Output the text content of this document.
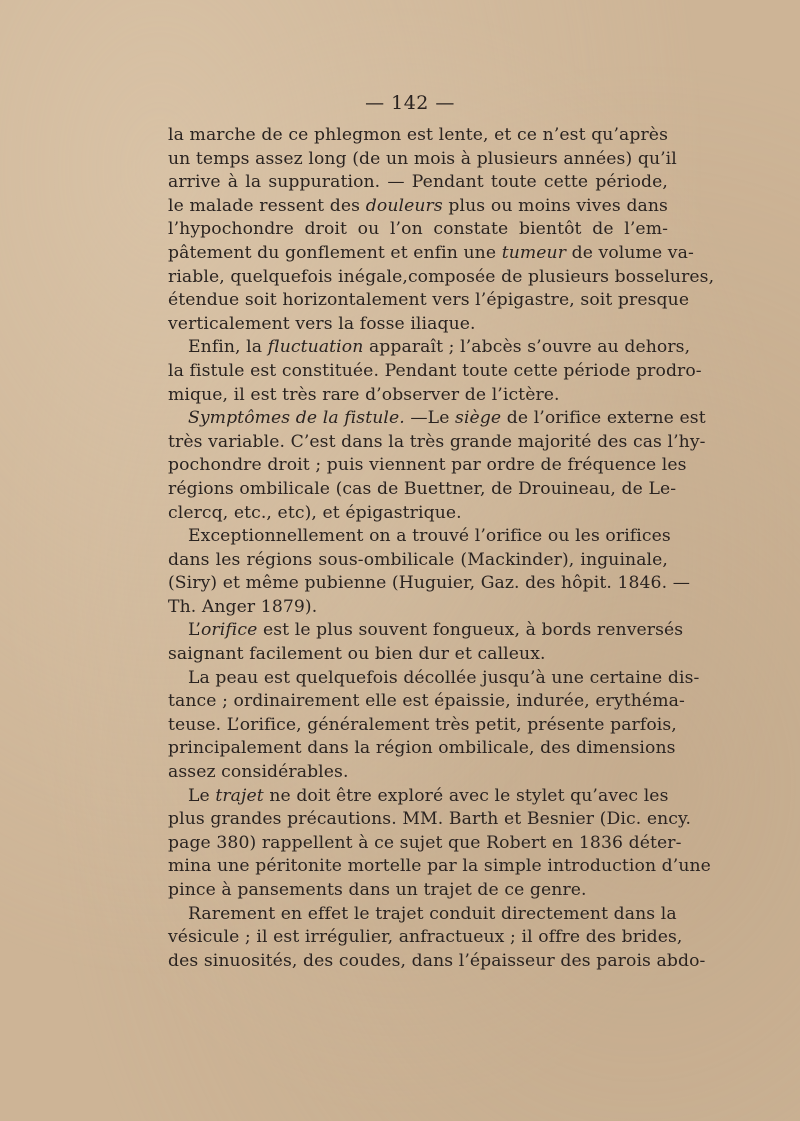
— 142 —
la marche de ce phlegmon est lente, et ce n’est qu’après
un temps assez long (de un mois à plusieurs années) qu’il
arrive à la suppuration. — Pendant toute cette période,
le malade ressent des douleurs plus ou moins vives dans
l’hypochondre droit ou l’on constate bientôt de l’em-
pâtement du gonflement et enfin une tumeur de volume va-
riable, quelquefois inégale,composée de plusieurs bosselures,
étendue soit horizontalement vers l’épigastre, soit presque
verticalement vers la fosse iliaque.
Enfin, la fluctuation apparaît ; l’abcès s’ouvre au dehors,
la fistule est constituée. Pendant toute cette période prodro-
mique, il est très rare d’observer de l’ictère.
Symptômes de la fistule. —Le siège de l’orifice externe est
très variable. C’est dans la très grande majorité des cas l’hy-
pochondre droit ; puis viennent par ordre de fréquence les
régions ombilicale (cas de Buettner, de Drouineau, de Le-
clercq, etc., etc), et épigastrique.
Exceptionnellement on a trouvé l’orifice ou les orifices
dans les régions sous-ombilicale (Mackinder), inguinale,
(Siry) et même pubienne (Huguier, Gaz. des hôpit. 1846. —
Th. Anger 1879).
L’orifice est le plus souvent fongueux, à bords renversés
saignant facilement ou bien dur et calleux.
La peau est quelquefois décollée jusqu’à une certaine dis-
tance ; ordinairement elle est épaissie, indurée, erythéma-
teuse. L’orifice, généralement très petit, présente parfois,
principalement dans la région ombilicale, des dimensions
assez considérables.
Le trajet ne doit être exploré avec le stylet qu’avec les
plus grandes précautions. MM. Barth et Besnier (Dic. ency.
page 380) rappellent à ce sujet que Robert en 1836 déter-
mina une péritonite mortelle par la simple introduction d’une
pince à pansements dans un trajet de ce genre.
Rarement en effet le trajet conduit directement dans la
vésicule ; il est irrégulier, anfractueux ; il offre des brides,
des sinuosités, des coudes, dans l’épaisseur des parois abdo-
